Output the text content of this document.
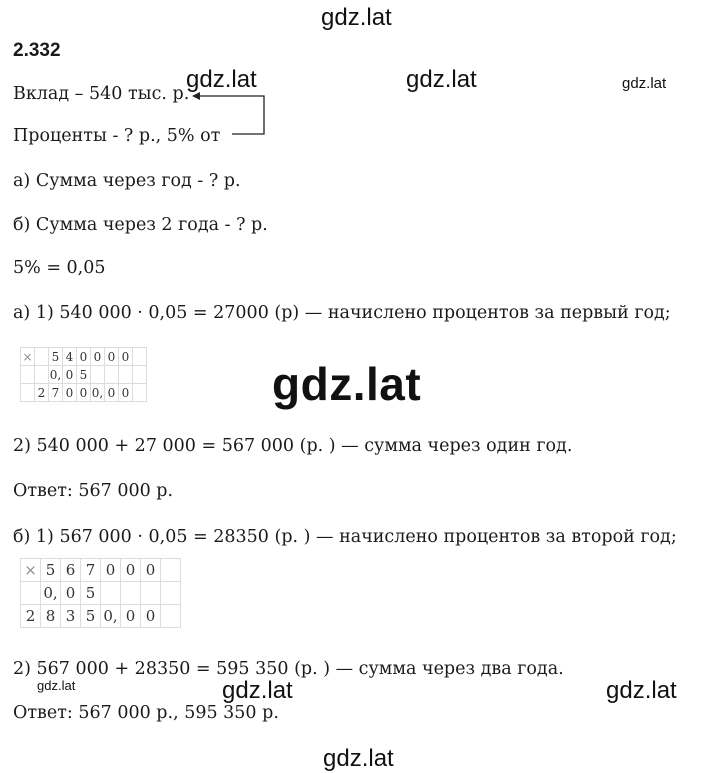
gdz.lat
gdz.lat	gdz.lat	gdz.lat
gdz.lat
gdz.lat	gdz.lat	gdz.lat
gdz.lat
2.332
Вклад – 540 тыс. р.
Проценты - ? р., 5% от
а) Сумма через год - ? р.
б) Сумма через 2 года - ? р.
5% = 0,05
а) 1) 540 000 · 0,05 = 27000 (р) — начислено процентов за первый год;
×		5	4	0	0	0	0	
		0,	0	5				
	2	7	0	0	0,	0	0	
2) 540 000 + 27 000 = 567 000 (р. ) — сумма через один год.
Ответ: 567 000 р.
б) 1) 567 000 · 0,05 = 28350 (р. ) — начислено процентов за второй год;
×	5	6	7	0	0	0	
	0,	0	5				
2	8	3	5	0,	0	0	
2) 567 000 + 28350 = 595 350 (р. ) — сумма через два года.
Ответ: 567 000 р., 595 350 р.
